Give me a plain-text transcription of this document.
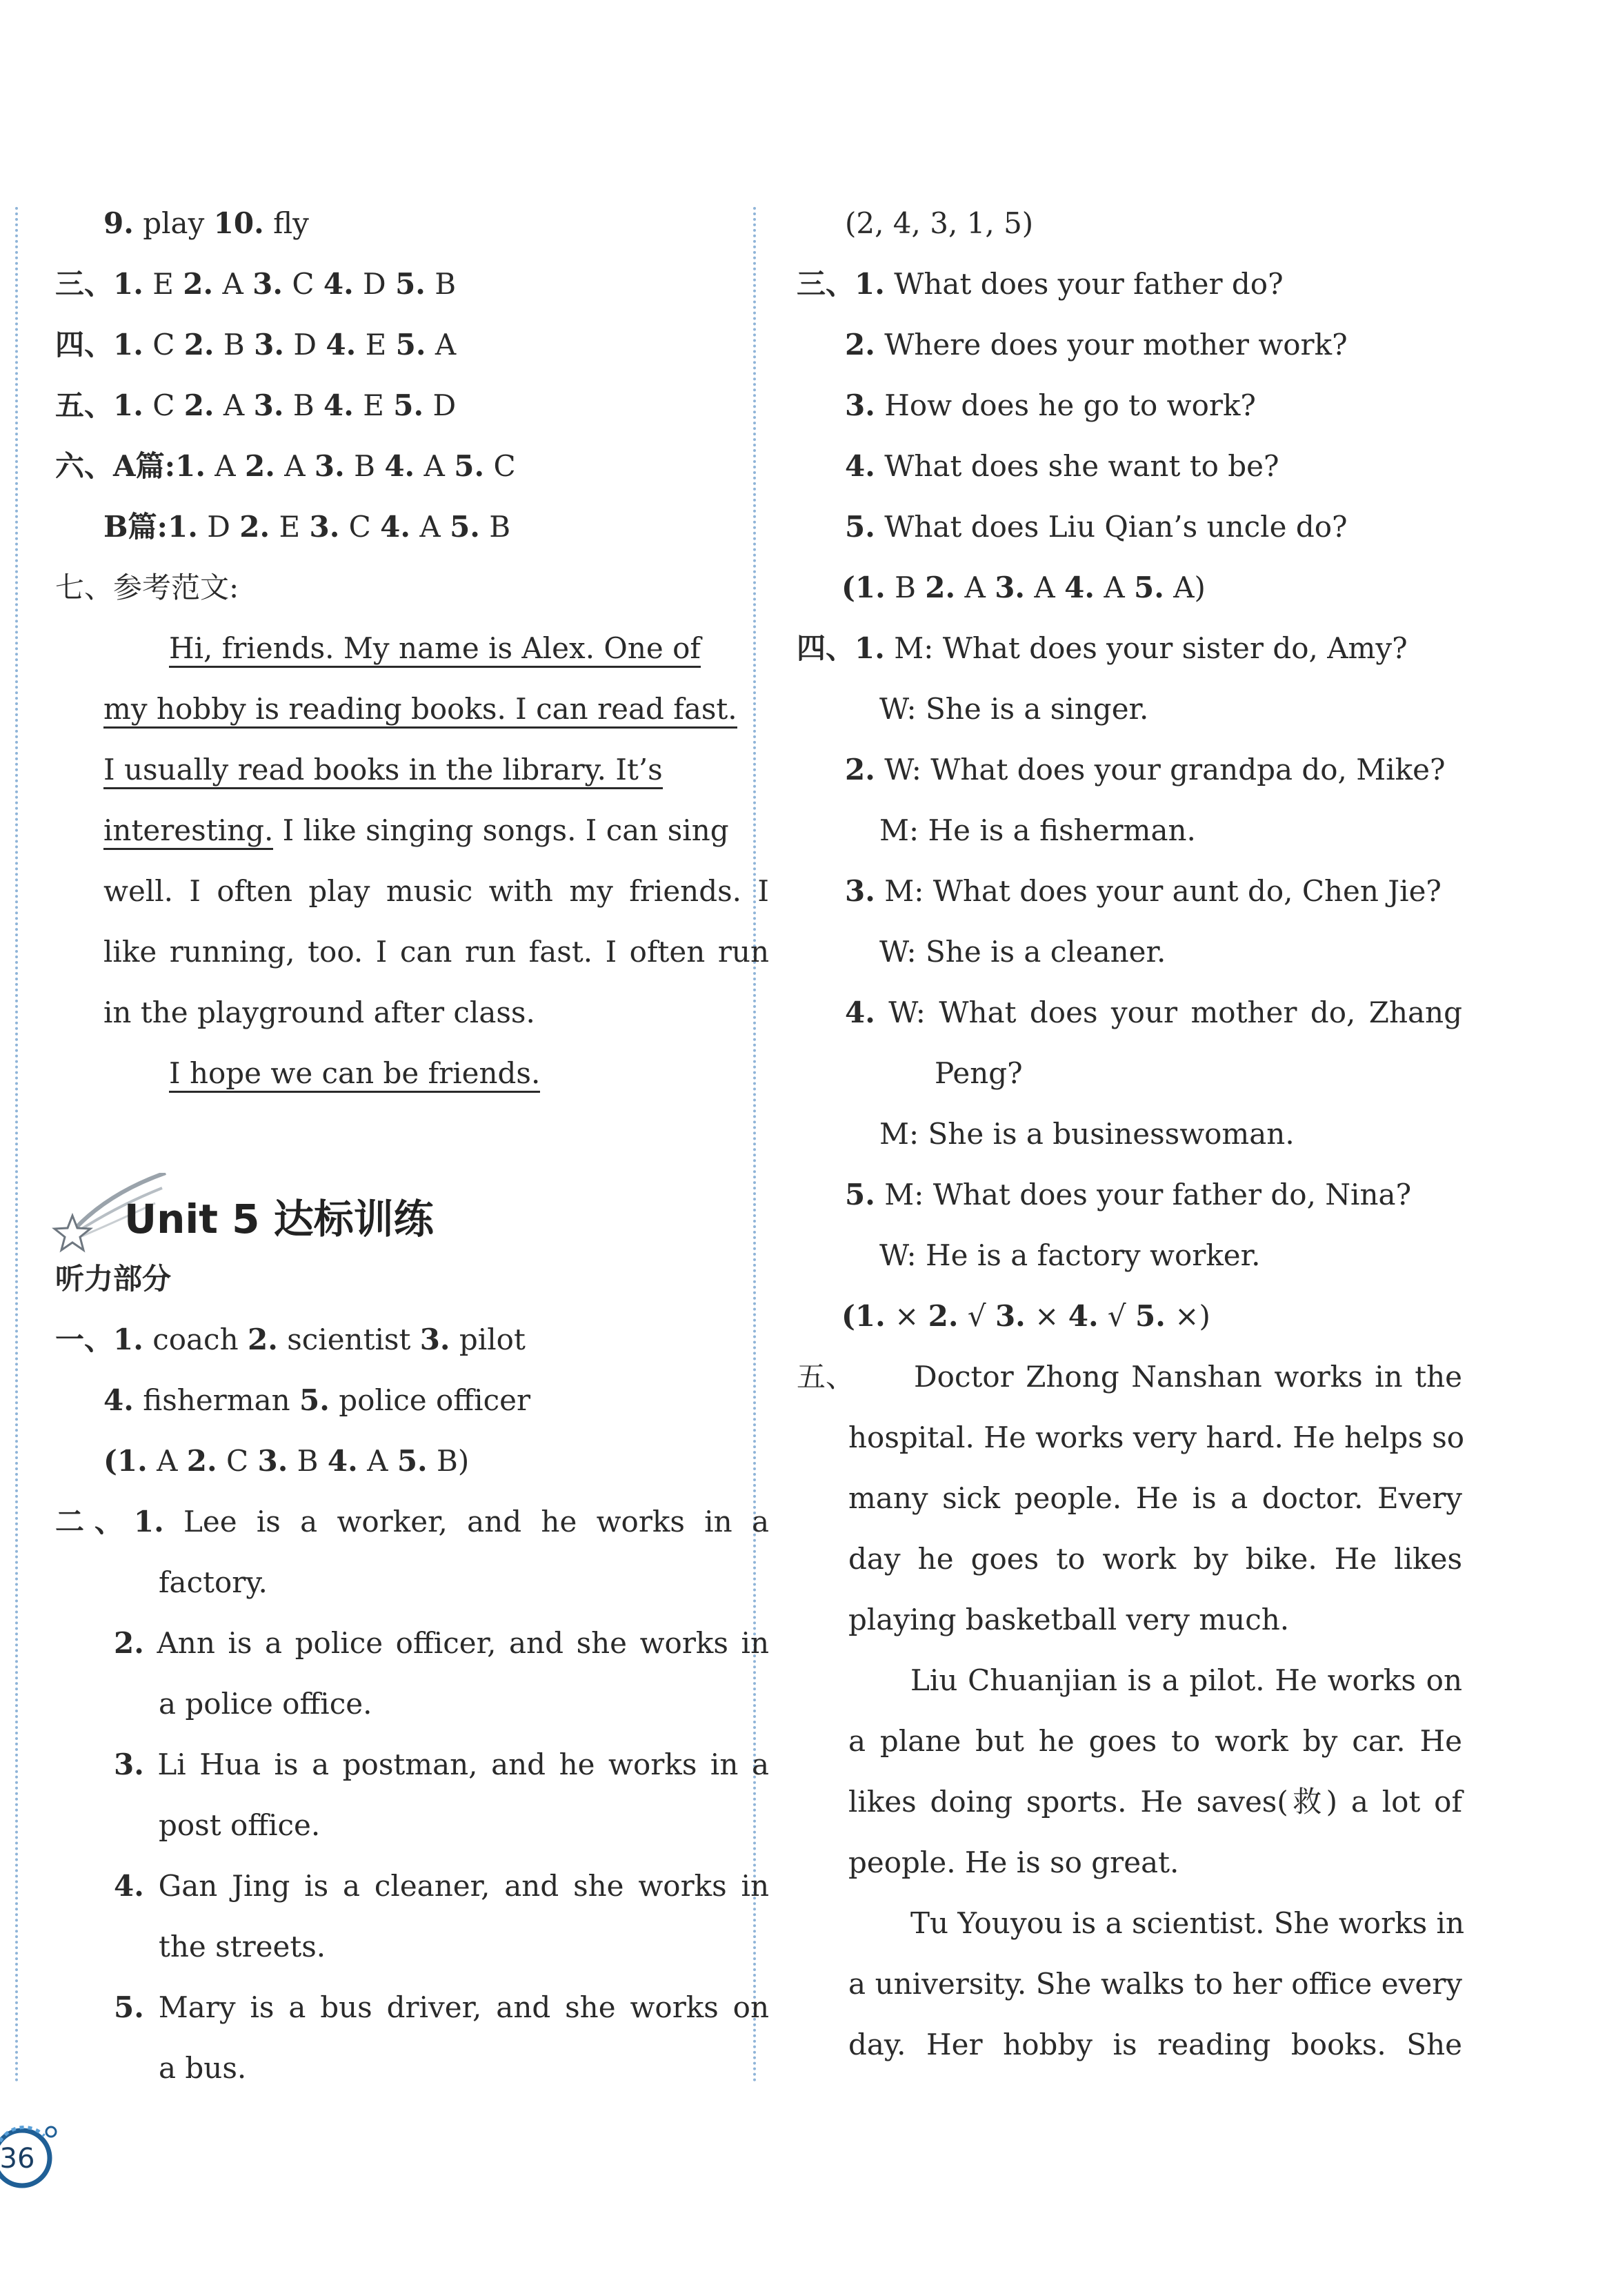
9. play 10. fly
三、1. E 2. A 3. C 4. D 5. B
四、1. C 2. B 3. D 4. E 5. A
五、1. C 2. A 3. B 4. E 5. D
六、A篇:1. A 2. A 3. B 4. A 5. C
B篇:1. D 2. E 3. C 4. A 5. B
七、参考范文:
Hi, friends. My name is Alex. One of
my hobby is reading books. I can read fast.
I usually read books in the library. It’s
interesting. I like singing songs. I can sing
well. I often play music with my friends. I
like running, too. I can run fast. I often run
in the playground after class.
I hope we can be friends.
Unit 5 达标训练
听力部分
一、1. coach 2. scientist 3. pilot
4. fisherman 5. police officer
(1. A 2. C 3. B 4. A 5. B)
二、1. Lee is a worker, and he works in a
factory.
2. Ann is a police officer, and she works in
a police office.
3. Li Hua is a postman, and he works in a
post office.
4. Gan Jing is a cleaner, and she works in
the streets.
5. Mary is a bus driver, and she works on
a bus.
(2, 4, 3, 1, 5)
三、1. What does your father do?
2. Where does your mother work?
3. How does he go to work?
4. What does she want to be?
5. What does Liu Qian’s uncle do?
(1. B 2. A 3. A 4. A 5. A)
四、1. M: What does your sister do, Amy?
W: She is a singer.
2. W: What does your grandpa do, Mike?
M: He is a fisherman.
3. M: What does your aunt do, Chen Jie?
W: She is a cleaner.
4. W: What does your mother do, Zhang
Peng?
M: She is a businesswoman.
5. M: What does your father do, Nina?
W: He is a factory worker.
(1. × 2. √ 3. × 4. √ 5. ×)
五、 Doctor Zhong Nanshan works in the
hospital. He works very hard. He helps so
many sick people. He is a doctor. Every
day he goes to work by bike. He likes
playing basketball very much.
Liu Chuanjian is a pilot. He works on
a plane but he goes to work by car. He
likes doing sports. He saves(救) a lot of
people. He is so great.
Tu Youyou is a scientist. She works in
a university. She walks to her office every
day. Her hobby is reading books. She
36
